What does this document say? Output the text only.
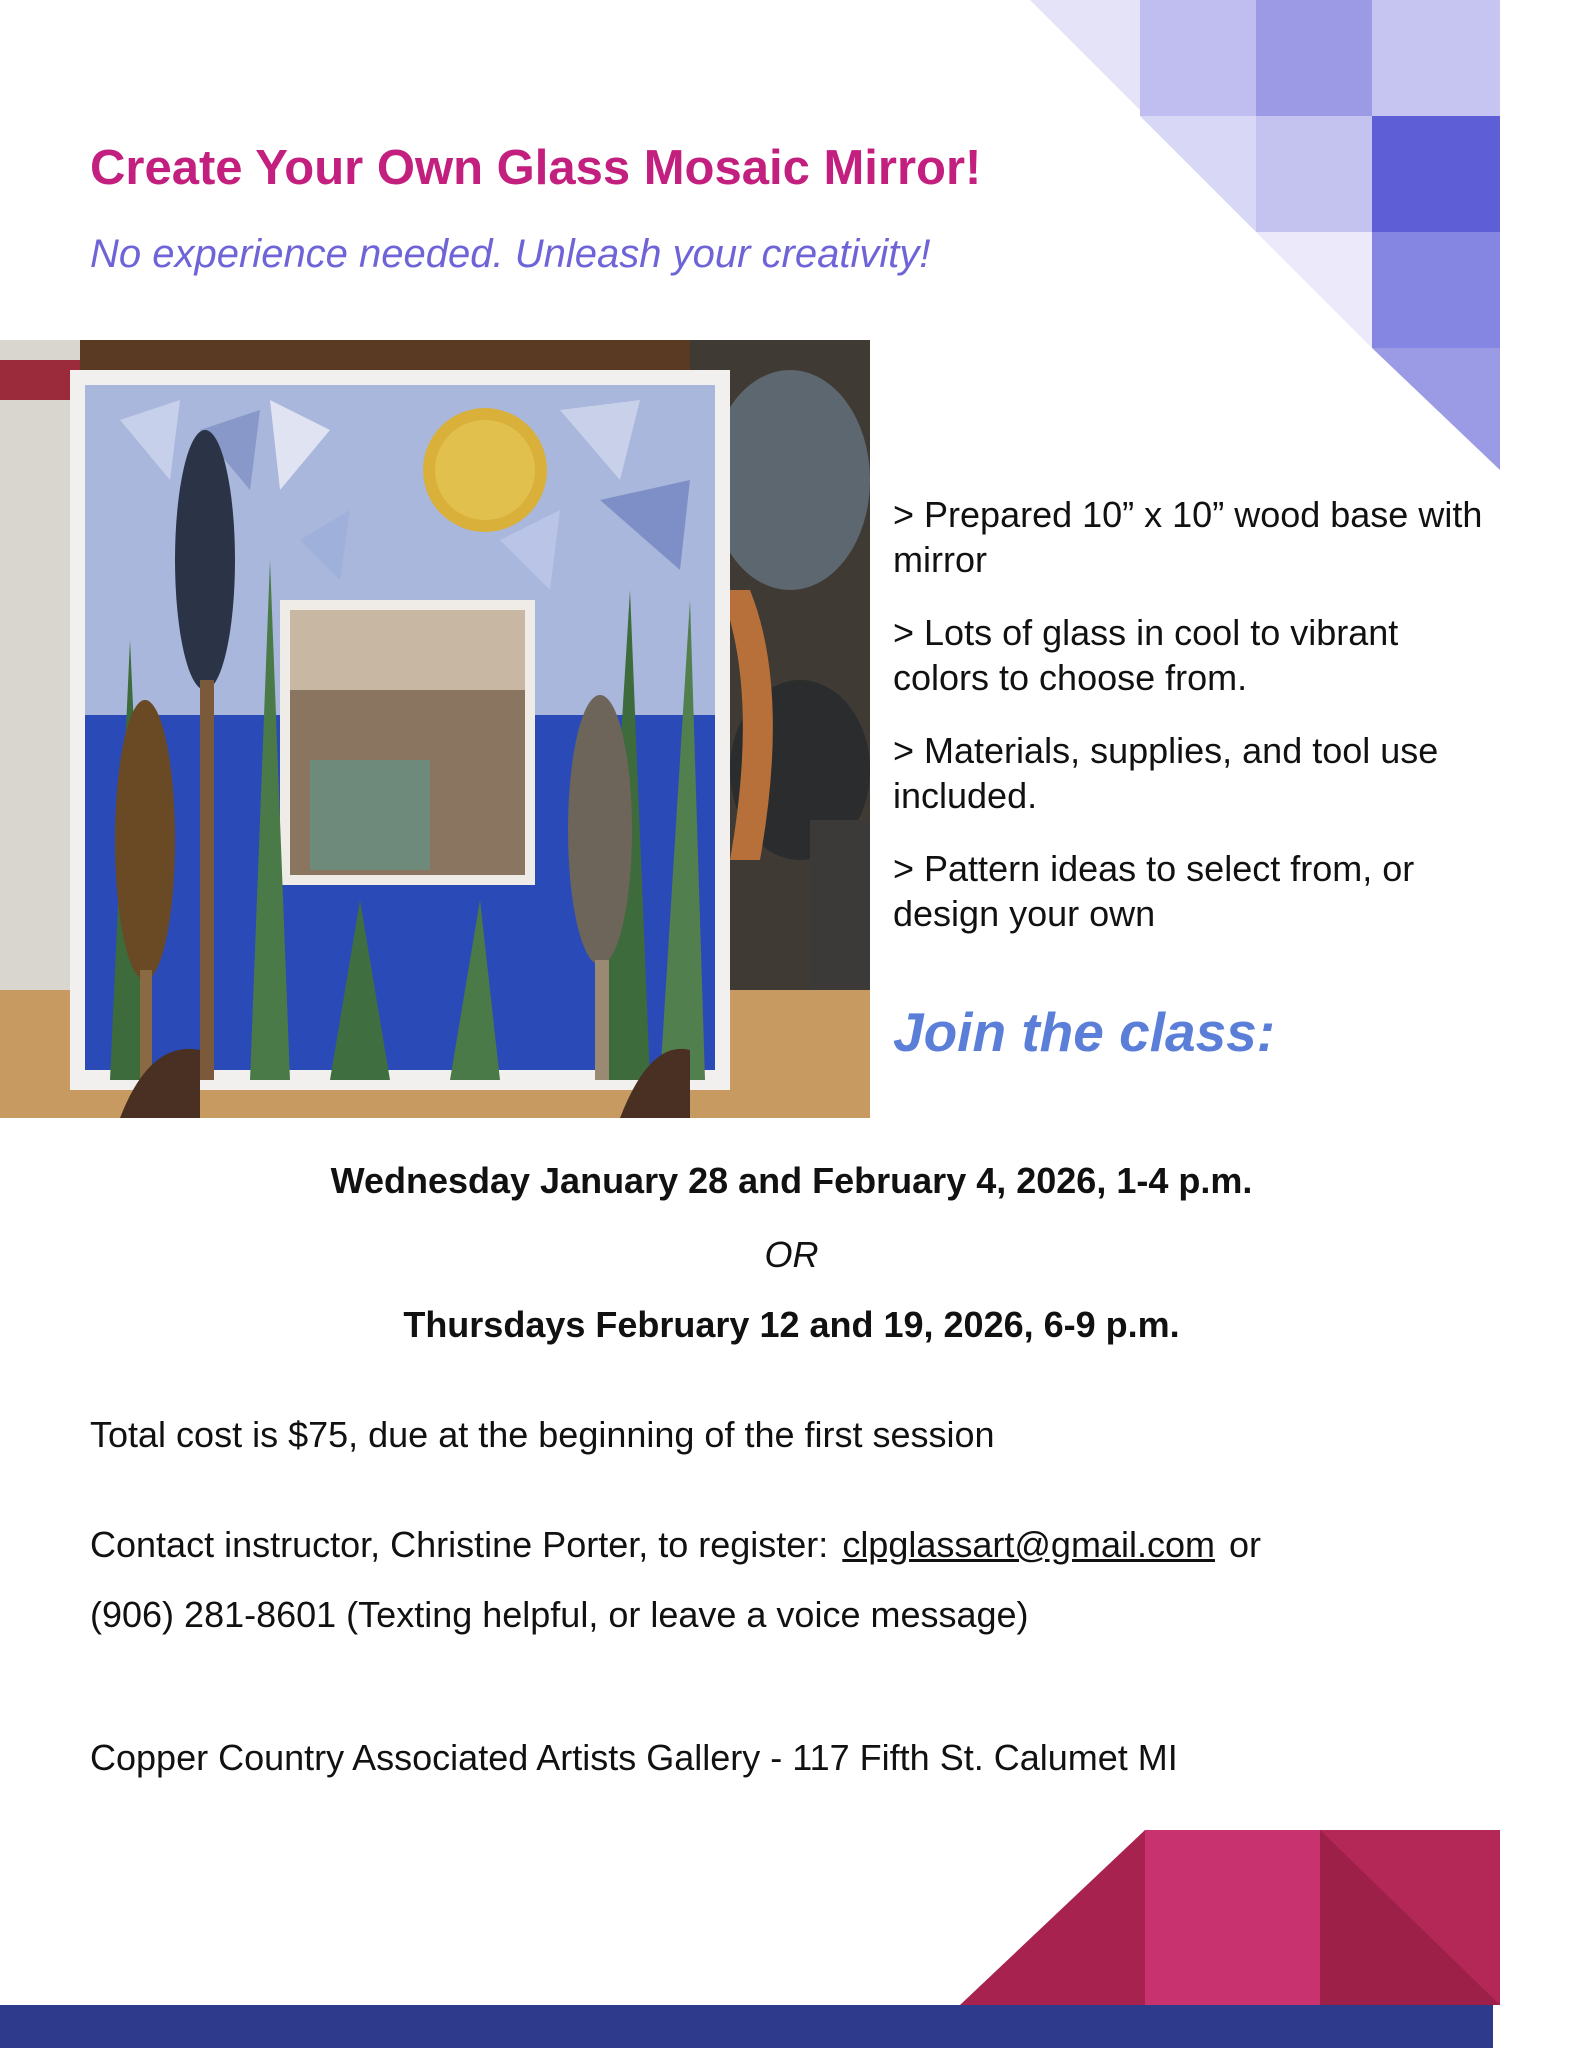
Create Your Own Glass Mosaic Mirror!
No experience needed. Unleash your creativity!
> Prepared 10” x 10” wood base with mirror
> Lots of glass in cool to vibrant colors to choose from.
> Materials, supplies, and tool use included.
> Pattern ideas to select from, or design your own
Join the class:
Wednesday January 28 and February 4, 2026, 1-4 p.m.
OR
Thursdays February 12 and 19, 2026, 6-9 p.m.
Total cost is $75, due at the beginning of the first session
Contact instructor, Christine Porter, to register: clpglassart@gmail.com or
(906) 281-8601 (Texting helpful, or leave a voice message)
Copper Country Associated Artists Gallery - 117 Fifth St. Calumet MI
